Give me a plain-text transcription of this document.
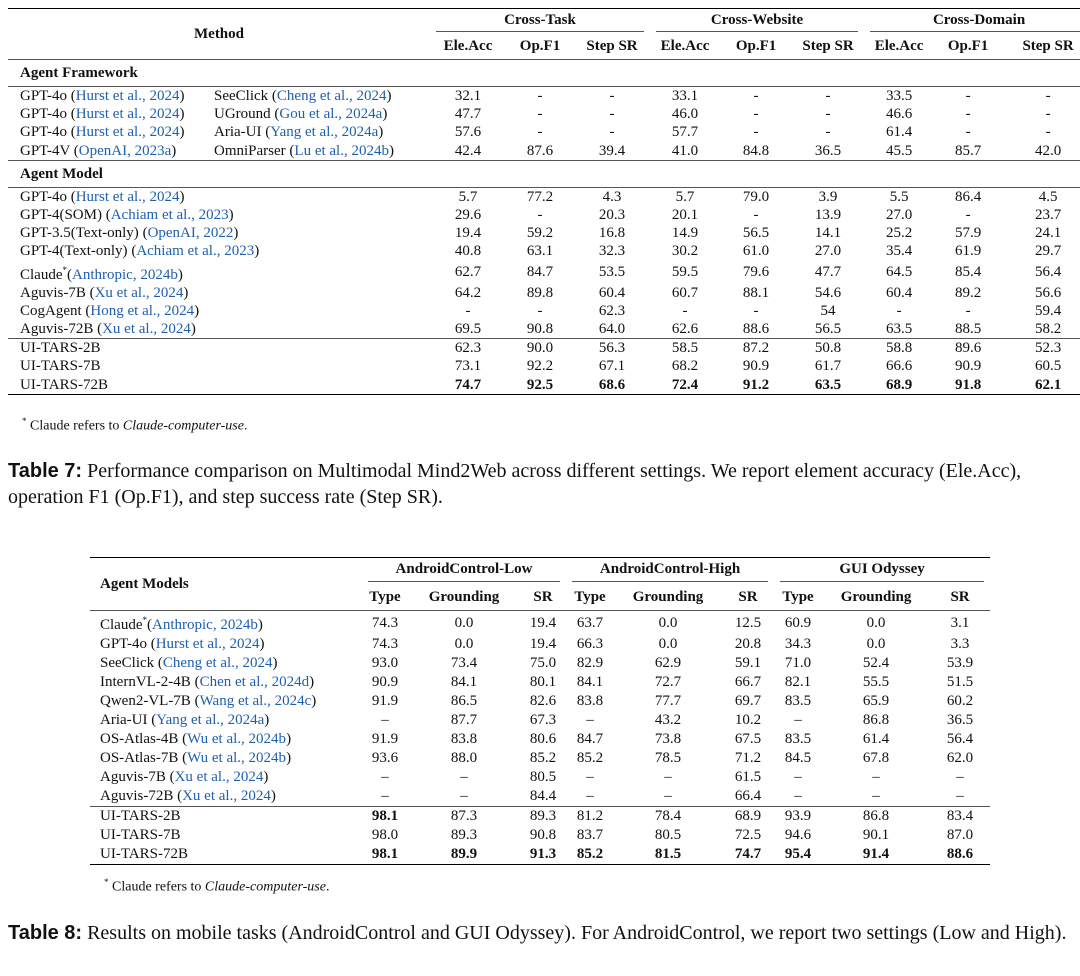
Method		Cross-Task			Cross-Website			Cross-Domain		

		Ele.Acc	Op.F1	Step SR	Ele.Acc	Op.F1	Step SR	Ele.Acc	Op.F1	Step SR
Agent Framework										
GPT-4o (Hurst et al., 2024)	SeeClick (Cheng et al., 2024)	32.1	-	-	33.1	-	-	33.5	-	-
GPT-4o (Hurst et al., 2024)	UGround (Gou et al., 2024a)	47.7	-	-	46.0	-	-	46.6	-	-
GPT-4o (Hurst et al., 2024)	Aria-UI (Yang et al., 2024a)	57.6	-	-	57.7	-	-	61.4	-	-
GPT-4V (OpenAI, 2023a)	OmniParser (Lu et al., 2024b)	42.4	87.6	39.4	41.0	84.8	36.5	45.5	85.7	42.0
Agent Model										
GPT-4o (Hurst et al., 2024)		5.7	77.2	4.3	5.7	79.0	3.9	5.5	86.4	4.5
GPT-4(SOM) (Achiam et al., 2023)		29.6	-	20.3	20.1	-	13.9	27.0	-	23.7
GPT-3.5(Text-only) (OpenAI, 2022)		19.4	59.2	16.8	14.9	56.5	14.1	25.2	57.9	24.1
GPT-4(Text-only) (Achiam et al., 2023)		40.8	63.1	32.3	30.2	61.0	27.0	35.4	61.9	29.7
Claude*(Anthropic, 2024b)		62.7	84.7	53.5	59.5	79.6	47.7	64.5	85.4	56.4
Aguvis-7B (Xu et al., 2024)		64.2	89.8	60.4	60.7	88.1	54.6	60.4	89.2	56.6
CogAgent (Hong et al., 2024)		-	-	62.3	-	-	54	-	-	59.4
Aguvis-72B (Xu et al., 2024)		69.5	90.8	64.0	62.6	88.6	56.5	63.5	88.5	58.2
UI-TARS-2B		62.3	90.0	56.3	58.5	87.2	50.8	58.8	89.6	52.3
UI-TARS-7B		73.1	92.2	67.1	68.2	90.9	61.7	66.6	90.9	60.5
UI-TARS-72B		74.7	92.5	68.6	72.4	91.2	63.5	68.9	91.8	62.1
* Claude refers to Claude-computer-use.
Table 7: Performance comparison on Multimodal Mind2Web across different settings. We report element accuracy (Ele.Acc), operation F1 (Op.F1), and step success rate (Step SR).
Agent Models	AndroidControl-Low			AndroidControl-High			GUI Odyssey		

	Type	Grounding	SR	Type	Grounding	SR	Type	Grounding	SR
Claude*(Anthropic, 2024b)	74.3	0.0	19.4	63.7	0.0	12.5	60.9	0.0	3.1
GPT-4o (Hurst et al., 2024)	74.3	0.0	19.4	66.3	0.0	20.8	34.3	0.0	3.3
SeeClick (Cheng et al., 2024)	93.0	73.4	75.0	82.9	62.9	59.1	71.0	52.4	53.9
InternVL-2-4B (Chen et al., 2024d)	90.9	84.1	80.1	84.1	72.7	66.7	82.1	55.5	51.5
Qwen2-VL-7B (Wang et al., 2024c)	91.9	86.5	82.6	83.8	77.7	69.7	83.5	65.9	60.2
Aria-UI (Yang et al., 2024a)	–	87.7	67.3	–	43.2	10.2	–	86.8	36.5
OS-Atlas-4B (Wu et al., 2024b)	91.9	83.8	80.6	84.7	73.8	67.5	83.5	61.4	56.4
OS-Atlas-7B (Wu et al., 2024b)	93.6	88.0	85.2	85.2	78.5	71.2	84.5	67.8	62.0
Aguvis-7B (Xu et al., 2024)	–	–	80.5	–	–	61.5	–	–	–
Aguvis-72B (Xu et al., 2024)	–	–	84.4	–	–	66.4	–	–	–
UI-TARS-2B	98.1	87.3	89.3	81.2	78.4	68.9	93.9	86.8	83.4
UI-TARS-7B	98.0	89.3	90.8	83.7	80.5	72.5	94.6	90.1	87.0
UI-TARS-72B	98.1	89.9	91.3	85.2	81.5	74.7	95.4	91.4	88.6
* Claude refers to Claude-computer-use.
Table 8: Results on mobile tasks (AndroidControl and GUI Odyssey). For AndroidControl, we report two settings (Low and High).
